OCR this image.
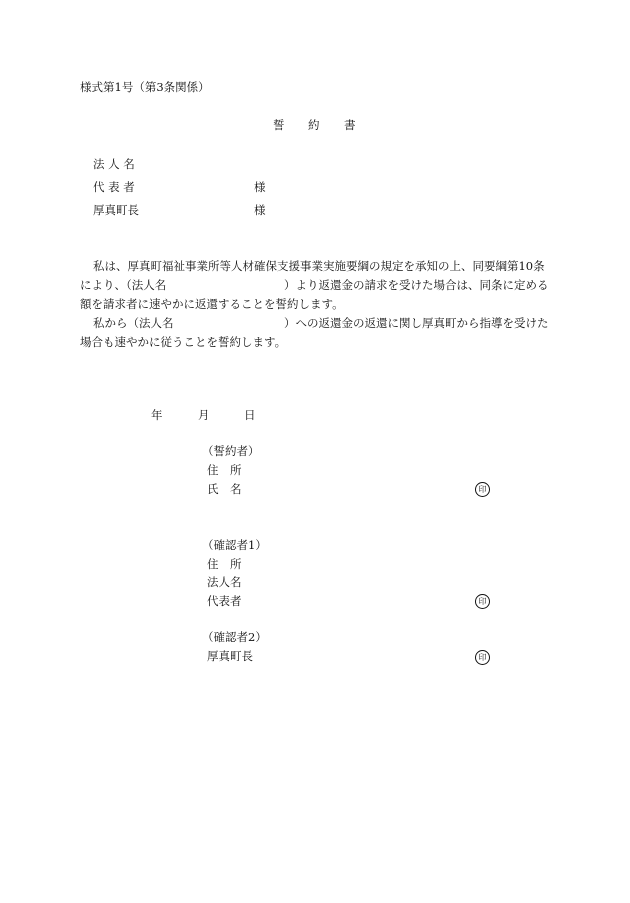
様式第1号（第3条関係）
誓 約 書
法 人 名
代 表 者	様
厚真町長	様
私は、厚真町福祉事業所等人材確保支援事業実施要綱の規定を承知の上、同要綱第10条
により、（法人名	）より返還金の請求を受けた場合は、同条に定める
額を請求者に速やかに返還することを誓約します。
私から（法人名	）への返還金の返還に関し厚真町から指導を受けた
場合も速やかに従うことを誓約します。
年	月	日
（誓約者）
住　所
氏　名	印
（確認者1）
住　所
法人名
代表者	印
（確認者2）
厚真町長	印
